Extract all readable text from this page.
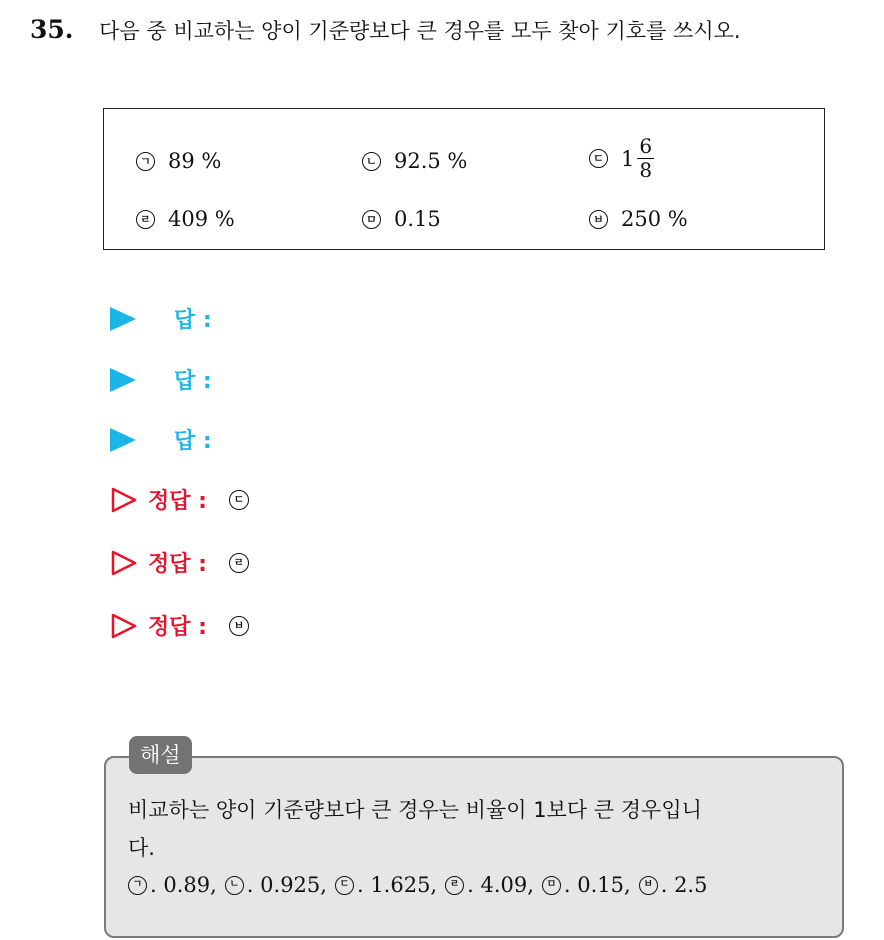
35. 다음 중 비교하는 양이 기준량보다 큰 경우를 모두 찾아 기호를 쓰시오.
ㄱ 89 %	ㄴ 92.5 %	ㄷ $1 \frac{6}{8}$
ㄹ 409 %	ㅁ 0.15	ㅂ 250 %
답 :
답 :
답 :
정답 :	ㄷ
정답 :	ㄹ
정답 :	ㅂ
해설
비교하는 양이 기준량보다 큰 경우는 비율이 1보다 큰 경우입니
다.
ㄱ . 0.89,	ㄴ . 0.925,	ㄷ . 1.625,	ㄹ . 4.09,	ㅁ . 0.15,	ㅂ . 2.5
